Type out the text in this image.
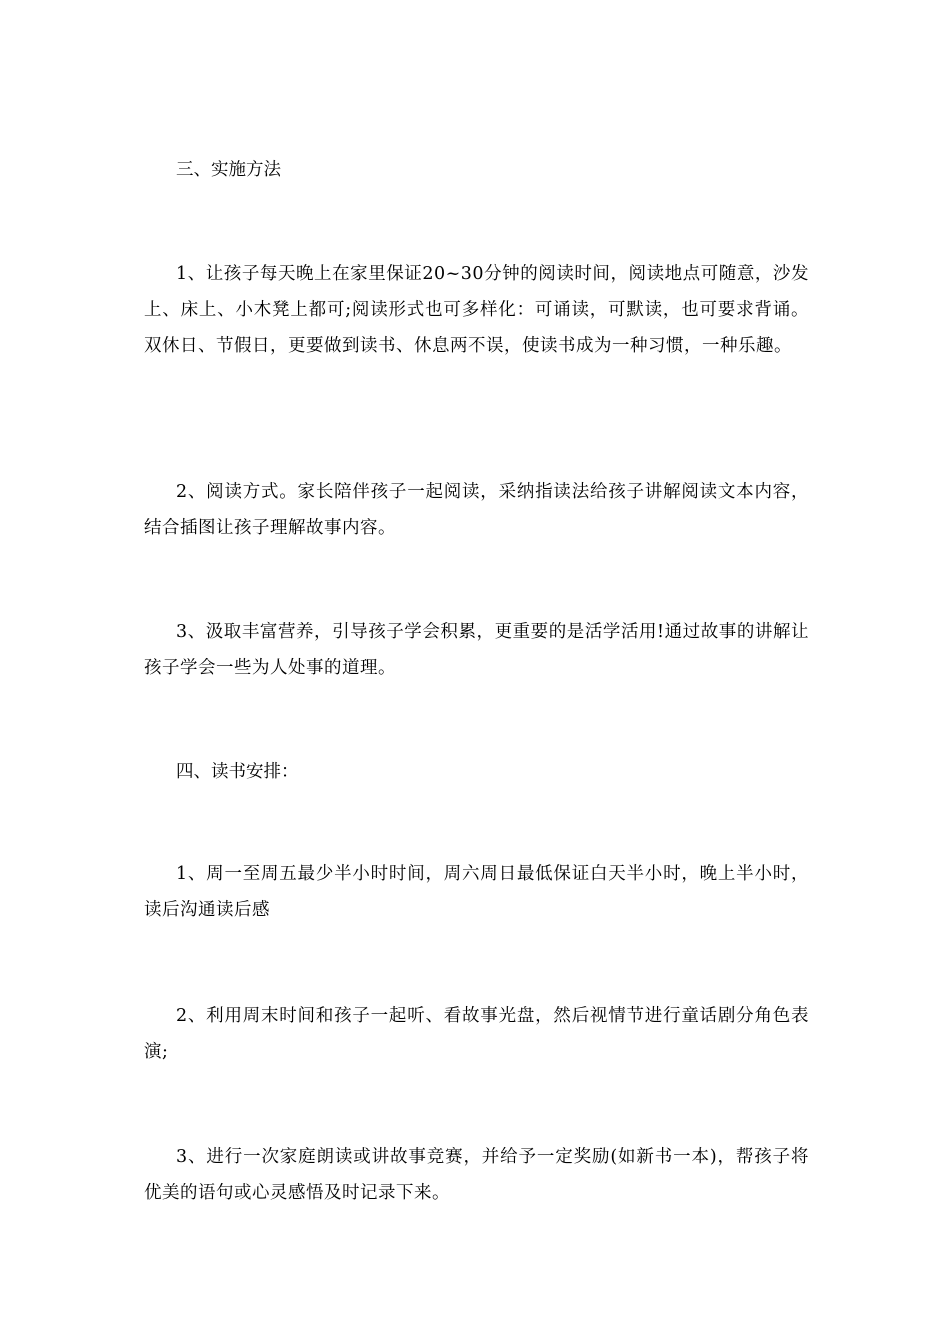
三、实施方法

1、让孩子每天晚上在家里保证20~30分钟的阅读时间，阅读地点可随意，沙发上、床上、小木凳上都可;阅读形式也可多样化：可诵读，可默读，也可要求背诵。双休日、节假日，更要做到读书、休息两不误，使读书成为一种习惯，一种乐趣。

2、阅读方式。家长陪伴孩子一起阅读，采纳指读法给孩子讲解阅读文本内容，结合插图让孩子理解故事内容。

3、汲取丰富营养，引导孩子学会积累，更重要的是活学活用!通过故事的讲解让孩子学会一些为人处事的道理。

四、读书安排：

1、周一至周五最少半小时时间，周六周日最低保证白天半小时，晚上半小时，读后沟通读后感

2、利用周末时间和孩子一起听、看故事光盘，然后视情节进行童话剧分角色表演;

3、进行一次家庭朗读或讲故事竞赛，并给予一定奖励(如新书一本)，帮孩子将优美的语句或心灵感悟及时记录下来。
